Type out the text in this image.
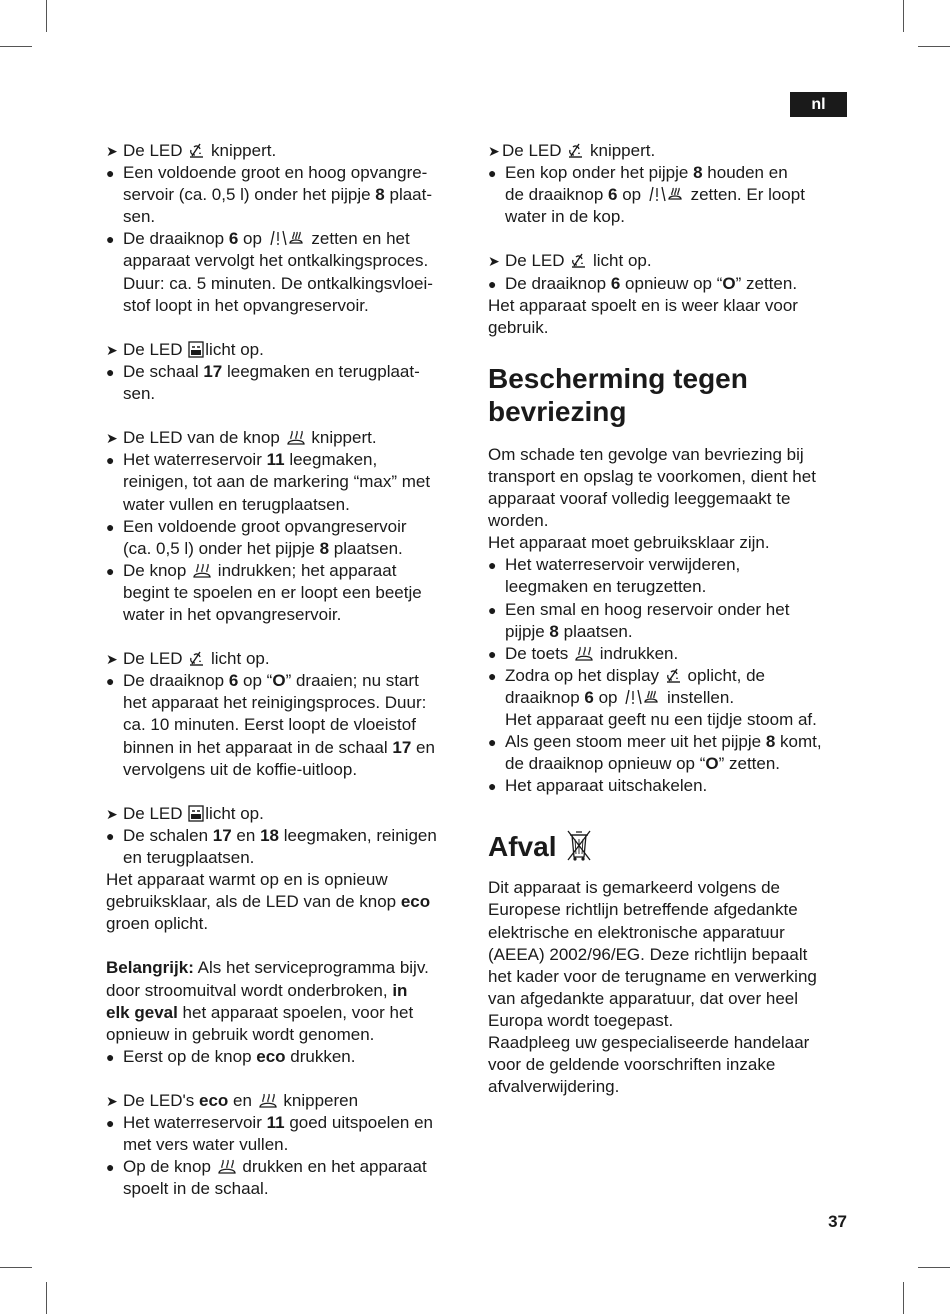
nl
37
➤ De LED knippert.
● Een voldoende groot en hoog opvangre-
servoir (ca. 0,5 l) onder het pijpje 8 plaat-
sen.
● De draaiknop 6 op	zetten en het
apparaat vervolgt het ontkalkingsproces.
Duur: ca. 5 minuten. De ontkalkingsvloei-
stof loopt in het opvangreservoir.
➤ De LED licht op.
● De schaal 17 leegmaken en terugplaat-
sen.
➤ De LED van de knop knippert.
● Het waterreservoir 11 leegmaken,
reinigen, tot aan de markering “max” met
water vullen en terugplaatsen.
● Een voldoende groot opvangreservoir
(ca. 0,5 l) onder het pijpje 8 plaatsen.
● De knop indrukken; het apparaat
begint te spoelen en er loopt een beetje
water in het opvangreservoir.
➤ De LED licht op.
● De draaiknop 6 op “O” draaien; nu start
het apparaat het reinigingsproces. Duur:
ca. 10 minuten. Eerst loopt de vloeistof
binnen in het apparaat in de schaal 17 en
vervolgens uit de koffie-uitloop.
➤ De LED licht op.
● De schalen 17 en 18 leegmaken, reinigen
en terugplaatsen.
Het apparaat warmt op en is opnieuw
gebruiksklaar, als de LED van de knop eco
groen oplicht.
Belangrijk: Als het serviceprogramma bijv.
door stroomuitval wordt onderbroken, in
elk geval het apparaat spoelen, voor het
opnieuw in gebruik wordt genomen.
● Eerst op de knop eco drukken.
➤ De LED's eco en knipperen
● Het waterreservoir 11 goed uitspoelen en
met vers water vullen.
● Op de knop drukken en het apparaat
spoelt in de schaal.
➤ De LED knippert.
● Een kop onder het pijpje 8 houden en
de draaiknop 6 op	zetten. Er loopt
water in de kop.
➤ De LED licht op.
● De draaiknop 6 opnieuw op “O” zetten.
Het apparaat spoelt en is weer klaar voor
gebruik.
Bescherming tegen
bevriezing
Om schade ten gevolge van bevriezing bij
transport en opslag te voorkomen, dient het
apparaat vooraf volledig leeggemaakt te
worden.
Het apparaat moet gebruiksklaar zijn.
● Het waterreservoir verwijderen,
leegmaken en terugzetten.
● Een smal en hoog reservoir onder het
pijpje 8 plaatsen.
● De toets indrukken.
● Zodra op het display oplicht, de
draaiknop 6 op	instellen.
Het apparaat geeft nu een tijdje stoom af.
● Als geen stoom meer uit het pijpje 8 komt,
de draaiknop opnieuw op “O” zetten.
● Het apparaat uitschakelen.
Afval
Dit apparaat is gemarkeerd volgens de
Europese richtlijn betreffende afgedankte
elektrische en elektronische apparatuur
(AEEA) 2002/96/EG. Deze richtlijn bepaalt
het kader voor de terugname en verwerking
van afgedankte apparatuur, dat over heel
Europa wordt toegepast.
Raadpleeg uw gespecialiseerde handelaar
voor de geldende voorschriften inzake
afvalverwijdering.
